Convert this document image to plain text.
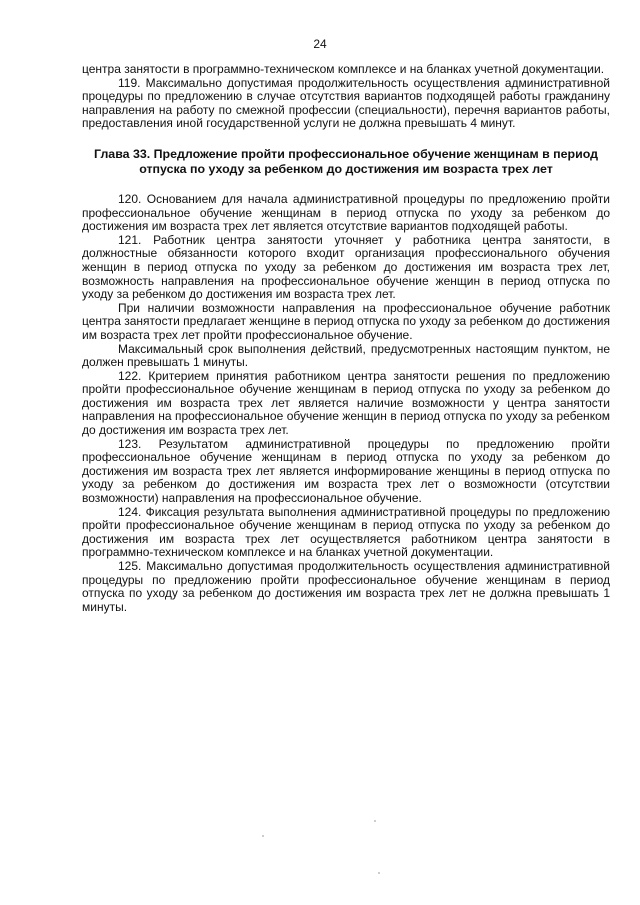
24

центра занятости в программно-техническом комплексе и на бланках учетной документации.

119. Максимально допустимая продолжительность осуществления административной процедуры по предложению в случае отсутствия вариантов подходящей работы гражданину направления на работу по смежной профессии (специальности), перечня вариантов работы, предоставления иной государственной услуги не должна превышать 4 минут.

Глава 33. Предложение пройти профессиональное обучение женщинам в период отпуска по уходу за ребенком до достижения им возраста трех лет

120. Основанием для начала административной процедуры по предложению пройти профессиональное обучение женщинам в период отпуска по уходу за ребенком до достижения им возраста трех лет является отсутствие вариантов подходящей работы.

121. Работник центра занятости уточняет у работника центра занятости, в должностные обязанности которого входит организация профессионального обучения женщин в период отпуска по уходу за ребенком до достижения им возраста трех лет, возможность направления на профессиональное обучение женщин в период отпуска по уходу за ребенком до достижения им возраста трех лет.

При наличии возможности направления на профессиональное обучение работник центра занятости предлагает женщине в период отпуска по уходу за ребенком до достижения им возраста трех лет пройти профессиональное обучение.

Максимальный срок выполнения действий, предусмотренных настоящим пунктом, не должен превышать 1 минуты.

122. Критерием принятия работником центра занятости решения по предложению пройти профессиональное обучение женщинам в период отпуска по уходу за ребенком до достижения им возраста трех лет является наличие возможности у центра занятости направления на профессиональное обучение женщин в период отпуска по уходу за ребенком до достижения им возраста трех лет.

123. Результатом административной процедуры по предложению пройти профессиональное обучение женщинам в период отпуска по уходу за ребенком до достижения им возраста трех лет является информирование женщины в период отпуска по уходу за ребенком до достижения им возраста трех лет о возможности (отсутствии возможности) направления на профессиональное обучение.

124. Фиксация результата выполнения административной процедуры по предложению пройти профессиональное обучение женщинам в период отпуска по уходу за ребенком до достижения им возраста трех лет осуществляется работником центра занятости в программно-техническом комплексе и на бланках учетной документации.

125. Максимально допустимая продолжительность осуществления административной процедуры по предложению пройти профессиональное обучение женщинам в период отпуска по уходу за ребенком до достижения им возраста трех лет не должна превышать 1 минуты.
